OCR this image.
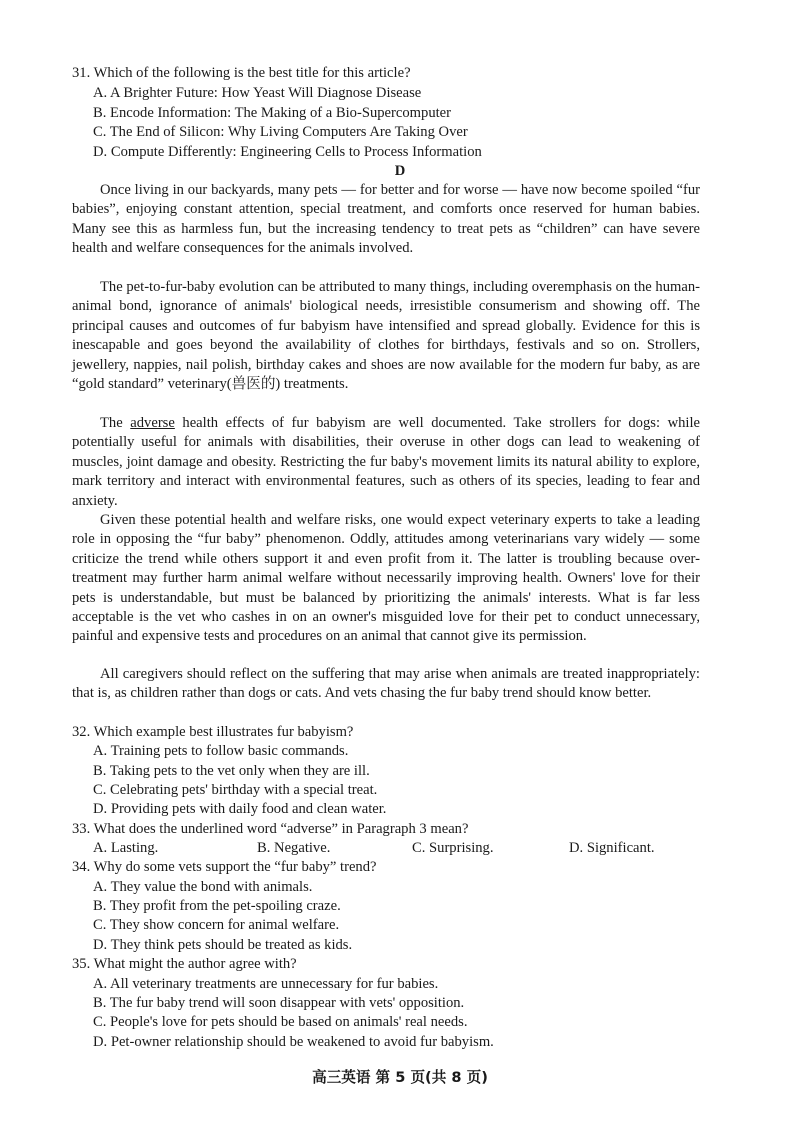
31. Which of the following is the best title for this article?
A. A Brighter Future: How Yeast Will Diagnose Disease
B. Encode Information: The Making of a Bio-Supercomputer
C. The End of Silicon: Why Living Computers Are Taking Over
D. Compute Differently: Engineering Cells to Process Information
D

Once living in our backyards, many pets — for better and for worse — have now become spoiled “fur babies”, enjoying constant attention, special treatment, and comforts once reserved for human babies. Many see this as harmless fun, but the increasing tendency to treat pets as “children” can have severe health and welfare consequences for the animals involved.

The pet-to-fur-baby evolution can be attributed to many things, including overemphasis on the human-animal bond, ignorance of animals' biological needs, irresistible consumerism and showing off. The principal causes and outcomes of fur babyism have intensified and spread globally. Evidence for this is inescapable and goes beyond the availability of clothes for birthdays, festivals and so on. Strollers, jewellery, nappies, nail polish, birthday cakes and shoes are now available for the modern fur baby, as are “gold standard” veterinary(兽医的) treatments.

The adverse health effects of fur babyism are well documented. Take strollers for dogs: while potentially useful for animals with disabilities, their overuse in other dogs can lead to weakening of muscles, joint damage and obesity. Restricting the fur baby's movement limits its natural ability to explore, mark territory and interact with environmental features, such as others of its species, leading to fear and anxiety.

Given these potential health and welfare risks, one would expect veterinary experts to take a leading role in opposing the “fur baby” phenomenon. Oddly, attitudes among veterinarians vary widely — some criticize the trend while others support it and even profit from it. The latter is troubling because over-treatment may further harm animal welfare without necessarily improving health. Owners' love for their pets is understandable, but must be balanced by prioritizing the animals' interests. What is far less acceptable is the vet who cashes in on an owner's misguided love for their pet to conduct unnecessary, painful and expensive tests and procedures on an animal that cannot give its permission.

All caregivers should reflect on the suffering that may arise when animals are treated inappropriately: that is, as children rather than dogs or cats. And vets chasing the fur baby trend should know better.

32. Which example best illustrates fur babyism?
A. Training pets to follow basic commands.
B. Taking pets to the vet only when they are ill.
C. Celebrating pets' birthday with a special treat.
D. Providing pets with daily food and clean water.
33. What does the underlined word “adverse” in Paragraph 3 mean?
A. Lasting.	B. Negative.	C. Surprising.	D. Significant.
34. Why do some vets support the “fur baby” trend?
A. They value the bond with animals.
B. They profit from the pet-spoiling craze.
C. They show concern for animal welfare.
D. They think pets should be treated as kids.
35. What might the author agree with?
A. All veterinary treatments are unnecessary for fur babies.
B. The fur baby trend will soon disappear with vets' opposition.
C. People's love for pets should be based on animals' real needs.
D. Pet-owner relationship should be weakened to avoid fur babyism.
高三英语 第 5 页(共 8 页)
